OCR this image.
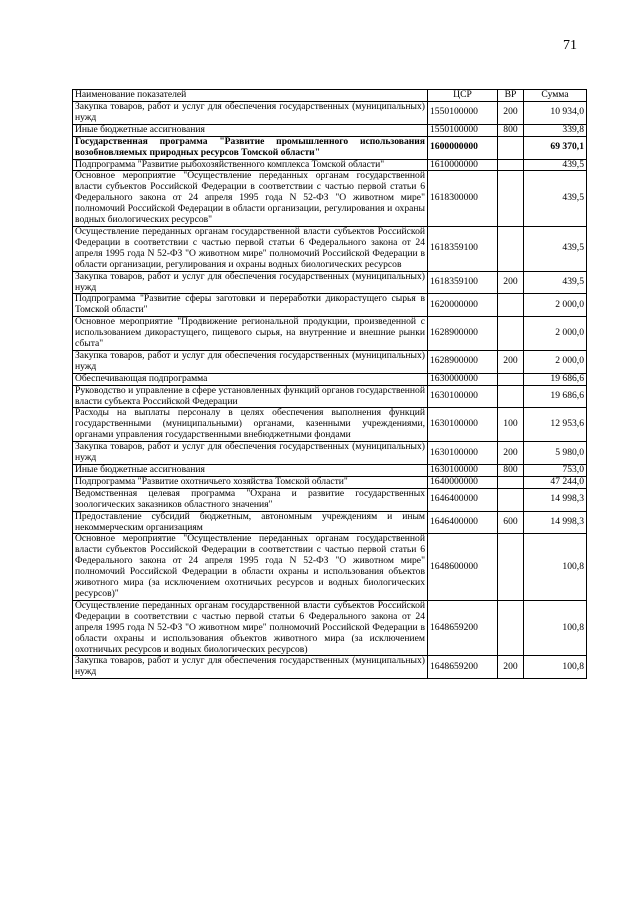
71
Наименование показателей	ЦСР	ВР	Сумма
Закупка товаров, работ и услуг для обеспечения государственных (муниципальных) нужд	1550100000	200	10 934,0
Иные бюджетные ассигнования	1550100000	800	339,8
Государственная программа "Развитие промышленного использования возобновляемых природных ресурсов Томской области"	1600000000		69 370,1
Подпрограмма "Развитие рыбохозяйственного комплекса Томской области"	1610000000		439,5
Основное мероприятие "Осуществление переданных органам государственной власти субъектов Российской Федерации в соответствии с частью первой статьи 6 Федерального закона от 24 апреля 1995 года N 52-ФЗ "О животном мире" полномочий Российской Федерации в области организации, регулирования и охраны водных биологических ресурсов"	1618300000		439,5
Осуществление переданных органам государственной власти субъектов Российской Федерации в соответствии с частью первой статьи 6 Федерального закона от 24 апреля 1995 года N 52-ФЗ "О животном мире" полномочий Российской Федерации в области организации, регулирования и охраны водных биологических ресурсов	1618359100		439,5
Закупка товаров, работ и услуг для обеспечения государственных (муниципальных) нужд	1618359100	200	439,5
Подпрограмма "Развитие сферы заготовки и переработки дикорастущего сырья в Томской области"	1620000000		2 000,0
Основное мероприятие "Продвижение региональной продукции, произведенной с использованием дикорастущего, пищевого сырья, на внутренние и внешние рынки сбыта"	1628900000		2 000,0
Закупка товаров, работ и услуг для обеспечения государственных (муниципальных) нужд	1628900000	200	2 000,0
Обеспечивающая подпрограмма	1630000000		19 686,6
Руководство и управление в сфере установленных функций органов государственной власти субъекта Российской Федерации	1630100000		19 686,6
Расходы на выплаты персоналу в целях обеспечения выполнения функций государственными (муниципальными) органами, казенными учреждениями, органами управления государственными внебюджетными фондами	1630100000	100	12 953,6
Закупка товаров, работ и услуг для обеспечения государственных (муниципальных) нужд	1630100000	200	5 980,0
Иные бюджетные ассигнования	1630100000	800	753,0
Подпрограмма "Развитие охотничьего хозяйства Томской области"	1640000000		47 244,0
Ведомственная целевая программа "Охрана и развитие государственных зоологических заказников областного значения"	1646400000		14 998,3
Предоставление субсидий бюджетным, автономным учреждениям и иным некоммерческим организациям	1646400000	600	14 998,3
Основное мероприятие "Осуществление переданных органам государственной власти субъектов Российской Федерации в соответствии с частью первой статьи 6 Федерального закона от 24 апреля 1995 года N 52-ФЗ "О животном мире" полномочий Российской Федерации в области охраны и использования объектов животного мира (за исключением охотничьих ресурсов и водных биологических ресурсов)"	1648600000		100,8
Осуществление переданных органам государственной власти субъектов Российской Федерации в соответствии с частью первой статьи 6 Федерального закона от 24 апреля 1995 года N 52-ФЗ "О животном мире" полномочий Российской Федерации в области охраны и использования объектов животного мира (за исключением охотничьих ресурсов и водных биологических ресурсов)	1648659200		100,8
Закупка товаров, работ и услуг для обеспечения государственных (муниципальных) нужд	1648659200	200	100,8
